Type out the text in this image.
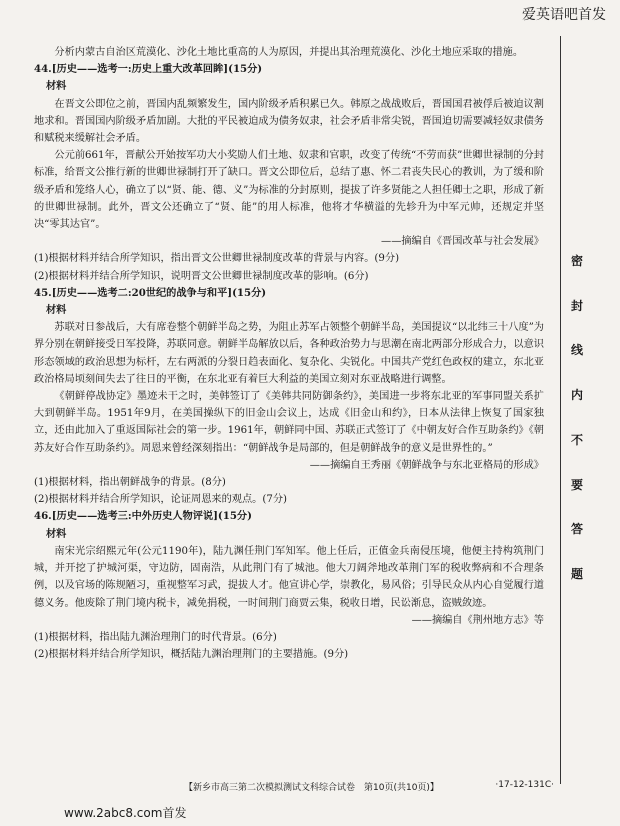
爱英语吧首发

分析内蒙古自治区荒漠化、沙化土地比重高的人为原因，并提出其治理荒漠化、沙化土地应采取的措施。

44.[历史——选考一:历史上重大改革回眸](15分)

材料

在晋文公即位之前，晋国内乱频繁发生，国内阶级矛盾积累已久。韩原之战战败后，晋国国君被俘后被迫议割地求和。晋国国内阶级矛盾加剧。大批的平民被迫成为债务奴隶，社会矛盾非常尖锐，晋国迫切需要减轻奴隶债务和赋税来缓解社会矛盾。

公元前661年，晋献公开始按军功大小奖励人们土地、奴隶和官职，改变了传统“不劳而获”世卿世禄制的分封标准，给晋文公推行新的世卿世禄制打开了缺口。晋文公即位后，总结了惠、怀二君丧失民心的教训，为了缓和阶级矛盾和笼络人心，确立了以“贤、能、德、义”为标准的分封原则，提拔了许多贤能之人担任卿士之职，形成了新的世卿世禄制。此外，晋文公还确立了“贤、能”的用人标准，他将才华横溢的先轸升为中军元帅，还规定并坚决“零其达官”。

——摘编自《晋国改革与社会发展》

(1)根据材料并结合所学知识，指出晋文公世卿世禄制度改革的背景与内容。(9分)

(2)根据材料并结合所学知识，说明晋文公世卿世禄制度改革的影响。(6分)

45.[历史——选考二:20世纪的战争与和平](15分)

材料

苏联对日参战后，大有席卷整个朝鲜半岛之势，为阻止苏军占领整个朝鲜半岛，美国提议“以北纬三十八度”为界分别在朝鲜接受日军投降，苏联同意。朝鲜半岛解放以后，各种政治势力与思潮在南北两部分形成合力，以意识形态领域的政治思想为标杆，左右两派的分裂日趋表面化、复杂化、尖锐化。中国共产党红色政权的建立，东北亚政治格局顷刻间失去了往日的平衡，在东北亚有着巨大利益的美国立刻对东亚战略进行调整。

《朝鲜停战协定》墨迹未干之时，美韩签订了《美韩共同防御条约》，美国进一步将东北亚的军事同盟关系扩大到朝鲜半岛。1951年9月，在美国操纵下的旧金山会议上，达成《旧金山和约》，日本从法律上恢复了国家独立，还由此加入了重返国际社会的第一步。1961年，朝鲜同中国、苏联正式签订了《中朝友好合作互助条约》《朝苏友好合作互助条约》。周恩来曾经深刻指出：“朝鲜战争是局部的，但是朝鲜战争的意义是世界性的。”

——摘编自王秀丽《朝鲜战争与东北亚格局的形成》

(1)根据材料，指出朝鲜战争的背景。(8分)

(2)根据材料并结合所学知识，论证周恩来的观点。(7分)

46.[历史——选考三:中外历史人物评说](15分)

材料

南宋光宗绍熙元年(公元1190年)，陆九渊任荆门军知军。他上任后，正值金兵南侵压境，他便主持构筑荆门城，并开挖了护城河渠，守边防，固南浩，从此荆门有了城池。他大刀阔斧地改革荆门军的税收弊病和不合理条例，以及官场的陈规陋习，重视整军习武，提拔人才。他宣讲心学，崇教化，易风俗；引导民众从内心自觉履行道德义务。他废除了荆门境内税卡，减免捐税，一时间荆门商贾云集，税收日增，民讼渐息，盗贼敛迹。

——摘编自《荆州地方志》等

(1)根据材料，指出陆九渊治理荆门的时代背景。(6分)

(2)根据材料并结合所学知识，概括陆九渊治理荆门的主要措施。(9分)

密
封
线
内
不
要
答
题
【新乡市高三第二次模拟测试文科综合试卷　第10页(共10页)】	·17-12-131C·
www.2abc8.com首发
